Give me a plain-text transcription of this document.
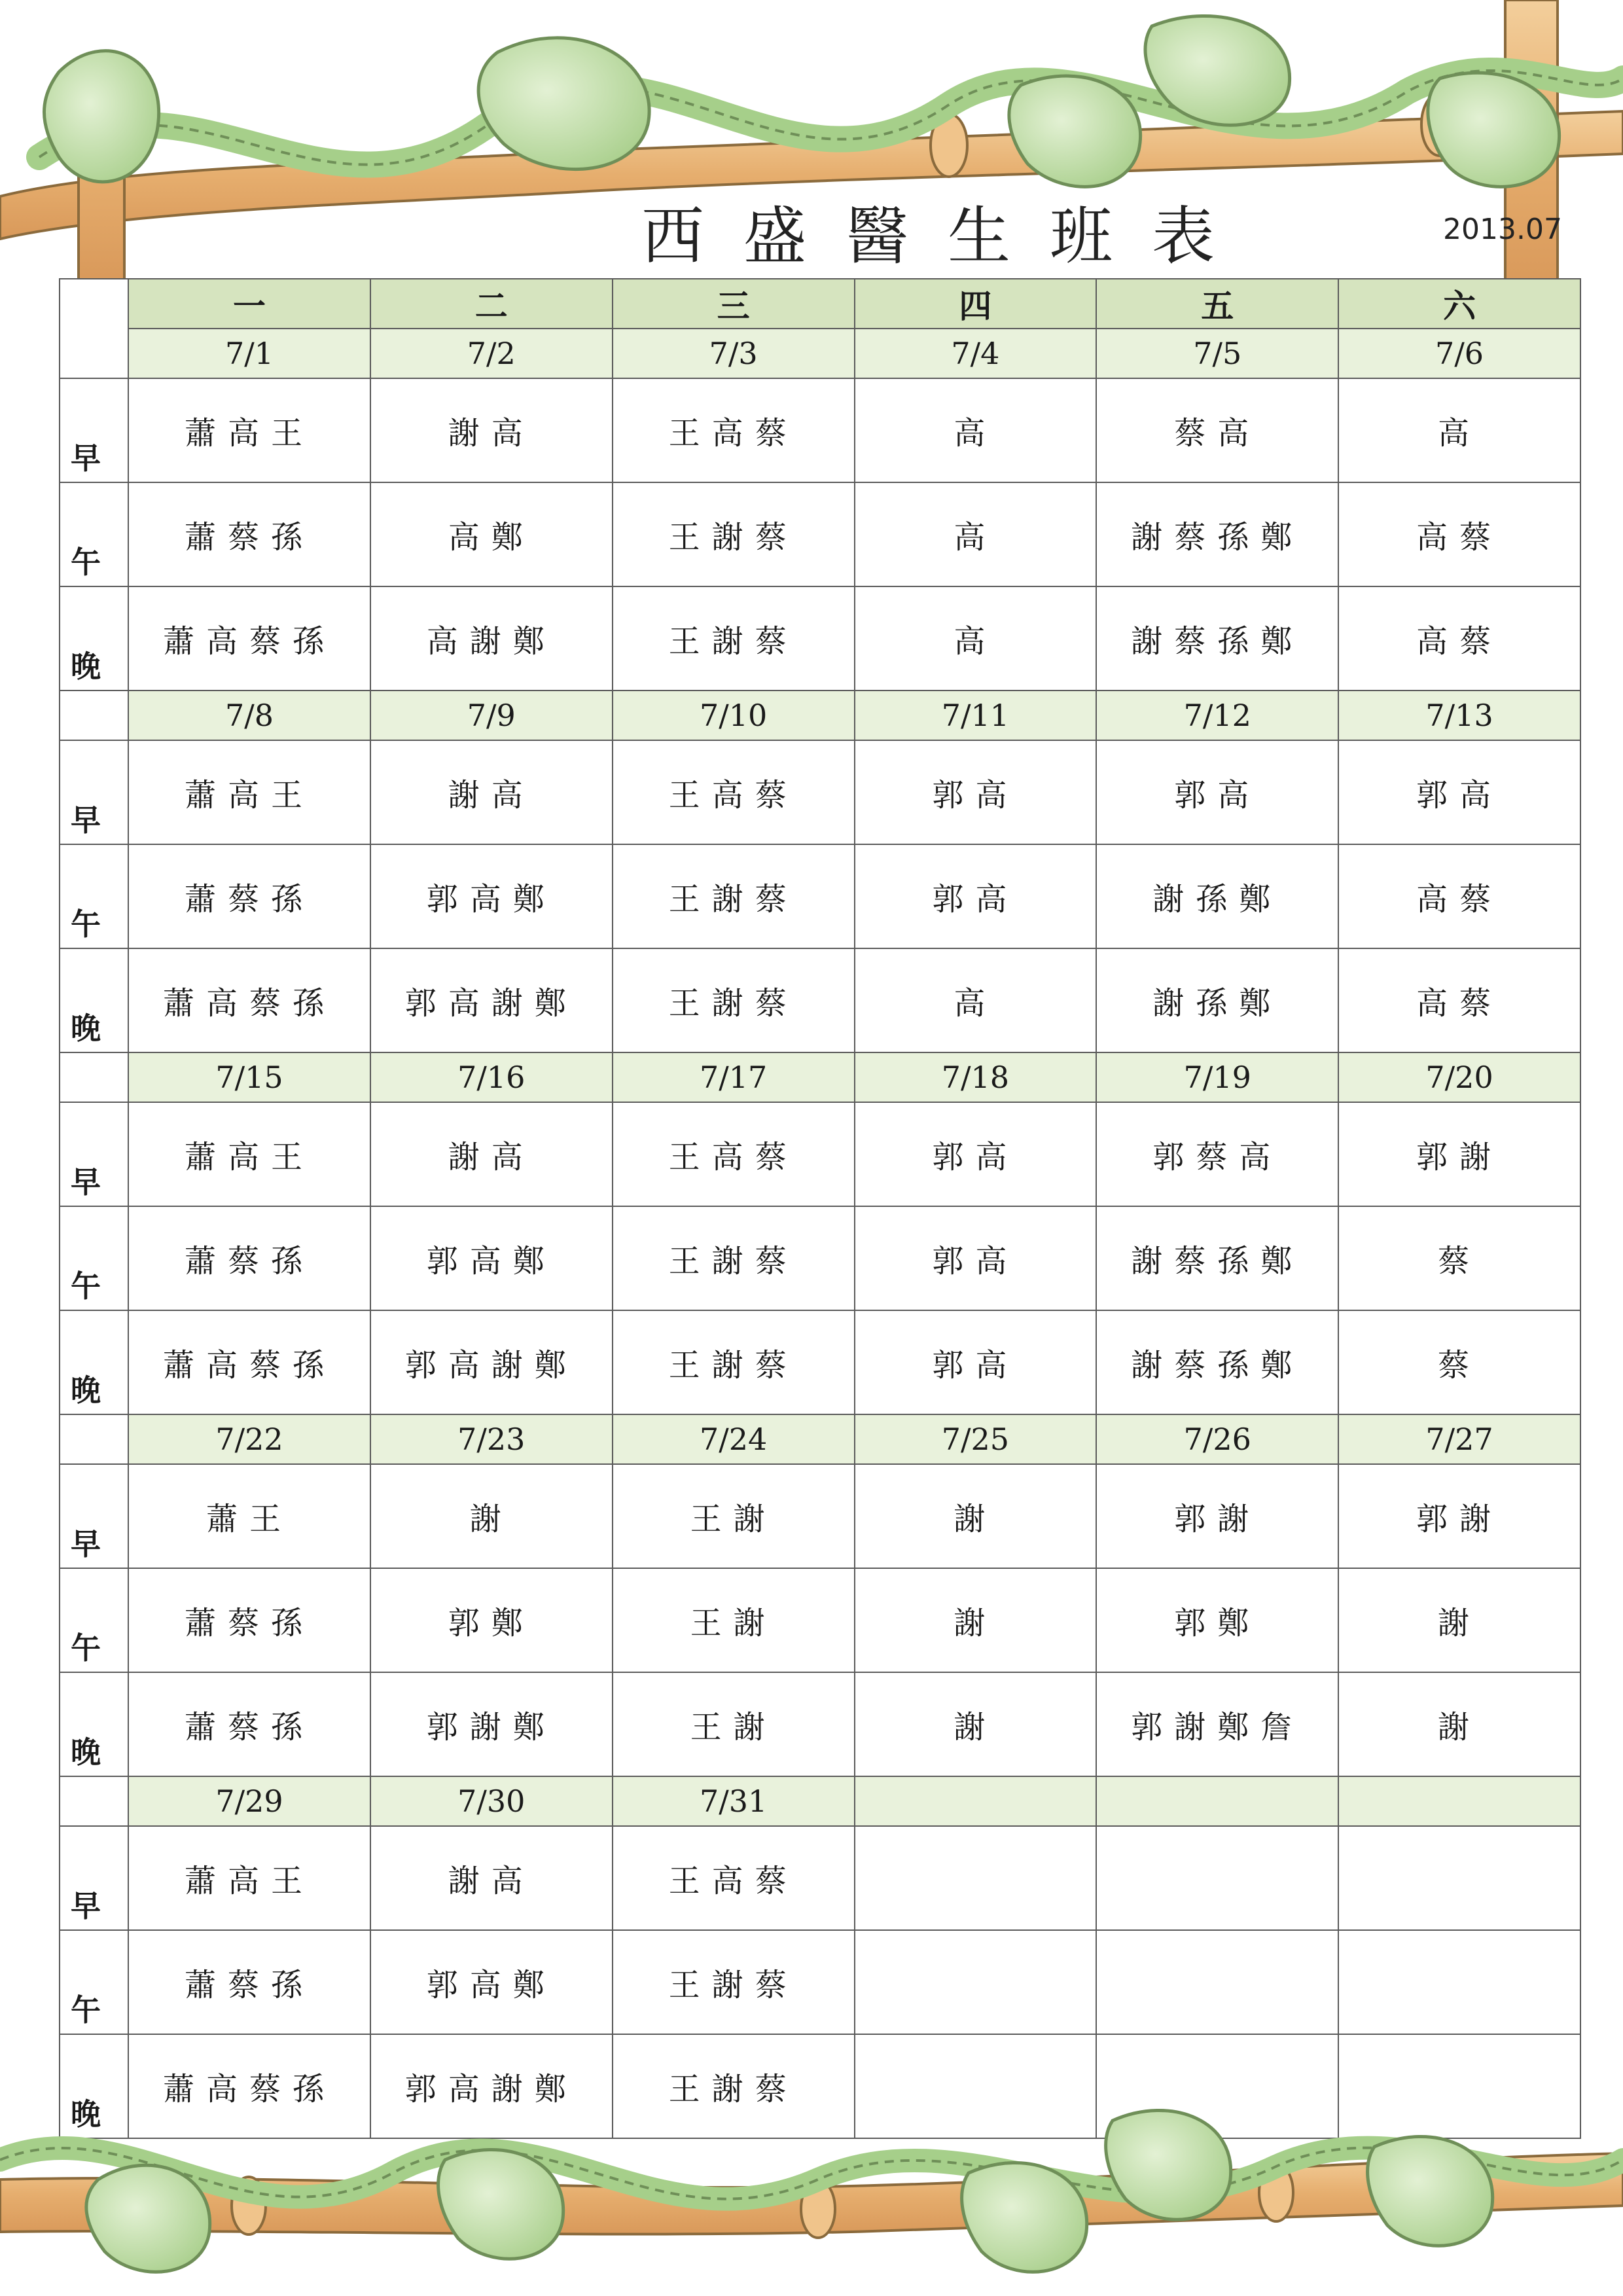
西盛醫生班表	2013.07
	一	二	三	四	五	六
	7/1	7/2	7/3	7/4	7/5	7/6
早	蕭高王	謝高	王高蔡	高	蔡高	高
午	蕭蔡孫	高鄭	王謝蔡	高	謝蔡孫鄭	高蔡
晚	蕭高蔡孫	高謝鄭	王謝蔡	高	謝蔡孫鄭	高蔡
	7/8	7/9	7/10	7/11	7/12	7/13
早	蕭高王	謝高	王高蔡	郭高	郭高	郭高
午	蕭蔡孫	郭高鄭	王謝蔡	郭高	謝孫鄭	高蔡
晚	蕭高蔡孫	郭高謝鄭	王謝蔡	高	謝孫鄭	高蔡
	7/15	7/16	7/17	7/18	7/19	7/20
早	蕭高王	謝高	王高蔡	郭高	郭蔡高	郭謝
午	蕭蔡孫	郭高鄭	王謝蔡	郭高	謝蔡孫鄭	蔡
晚	蕭高蔡孫	郭高謝鄭	王謝蔡	郭高	謝蔡孫鄭	蔡
	7/22	7/23	7/24	7/25	7/26	7/27
早	蕭王	謝	王謝	謝	郭謝	郭謝
午	蕭蔡孫	郭鄭	王謝	謝	郭鄭	謝
晚	蕭蔡孫	郭謝鄭	王謝	謝	郭謝鄭詹	謝
	7/29	7/30	7/31			
早	蕭高王	謝高	王高蔡			
午	蕭蔡孫	郭高鄭	王謝蔡			
晚	蕭高蔡孫	郭高謝鄭	王謝蔡			
